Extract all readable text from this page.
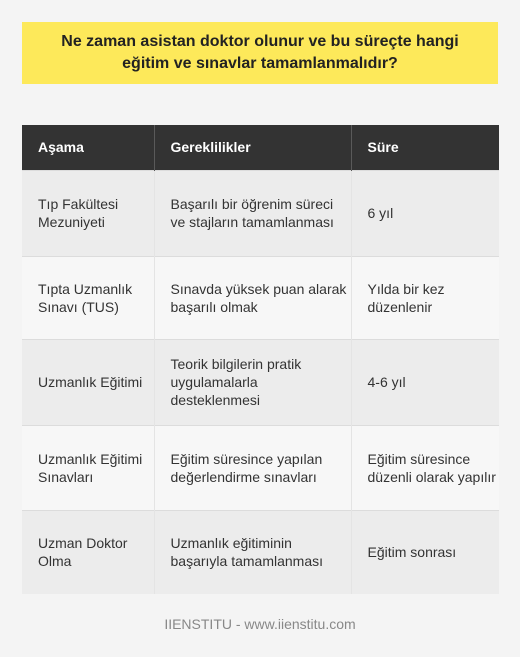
Ne zaman asistan doktor olunur ve bu süreçte hangi eğitim ve sınavlar tamamlanmalıdır?
Aşama	Gereklilikler	Süre
Tıp Fakültesi Mezuniyeti	Başarılı bir öğrenim süreci ve stajların tamamlanması	6 yıl
Tıpta Uzmanlık Sınavı (TUS)	Sınavda yüksek puan alarak başarılı olmak	Yılda bir kez düzenlenir
Uzmanlık Eğitimi	Teorik bilgilerin pratik uygulamalarla desteklenmesi	4-6 yıl
Uzmanlık Eğitimi Sınavları	Eğitim süresince yapılan değerlendirme sınavları	Eğitim süresince düzenli olarak yapılır
Uzman Doktor Olma	Uzmanlık eğitiminin başarıyla tamamlanması	Eğitim sonrası
IIENSTITU - www.iienstitu.com
